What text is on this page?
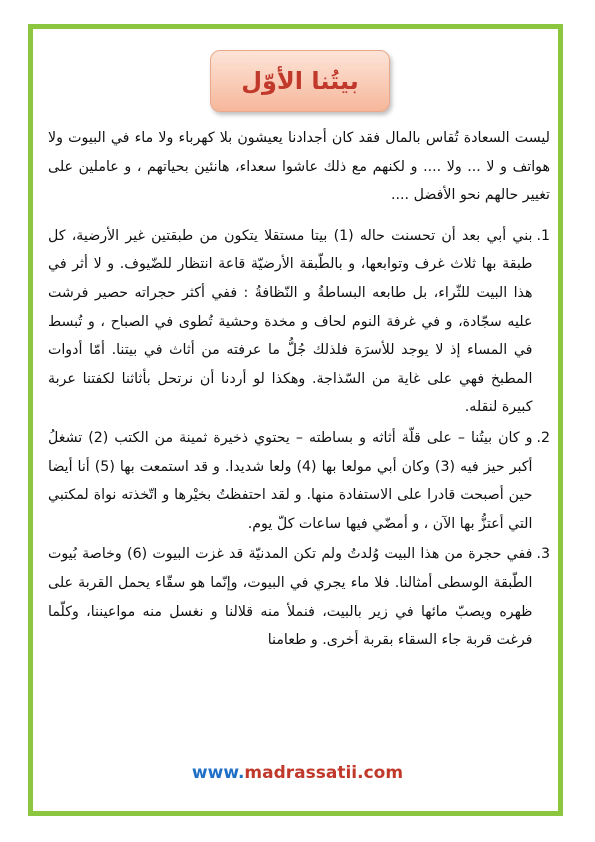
بيتُنا الأوّل

ليست السعادة تُقاس بالمال فقد كان أجدادنا يعيشون بلا كهرباء ولا ماء في البيوت ولا هواتف و لا ... ولا .... و لكنهم مع ذلك عاشوا سعداء، هانئين بحياتهم ، و عاملين على تغيير حالهم نحو الأفضل ....

1.
بني أبي بعد أن تحسنت حاله (1) بيتا مستقلا يتكون من طبقتين غير الأرضية، كل طبقة بها ثلاث غرف وتوابعها، و بالطّبقة الأرضيّة قاعة انتظار للضّيوف. و لا أثر في هذا البيت للثّراء، بل طابعه البساطةُ و النّظافةُ : ففي أكثر حجراته حصير فرشت عليه سجّادة، و في غرفة النوم لحاف و مخدة وحشية تُطوى في الصباح ، و تُبسط في المساء إذ لا يوجد للأسرَة فلذلك جُلُّ ما عرفته من أثاث في بيتنا. أمّا أدوات المطبخ فهي على غاية من السّذاجة. وهكذا لو أردنا أن نرتحل بأثاثنا لكفتنا عربة كبيرة لنقله.
2.
و كان بيتُنا – على قلّة أثاثه و بساطته – يحتوي ذخيرة ثمينة من الكتب (2) تشغلُ أكبر حيز فيه (3) وكان أبي مولعا بها (4) ولعا شديدا. و قد استمعت بها (5) أنا أيضا حين أصبحت قادرا على الاستفادة منها. و لقد احتفظتُ بخيْرها و اتّخذته نواة لمكتبي التي أعتزُّ بها الآن ، و أمضّي فيها ساعات كلّ يوم.
3.
ففي حجرة من هذا البيت وُلدتُ ولم تكن المدنيّة قد غزت البيوت (6) وخاصة بُيوت الطّبقة الوسطى أمثالنا. فلا ماء يجري في البيوت، وإنّما هو سقّاء يحمل القربة على ظهره ويصبّ مائها في زير بالبيت، فنملأ منه قلالنا و نغسل منه مواعيننا، وكلّما فرغت قربة جاء السقاء بقربة أخرى. و طعامنا
www.madrassatii.com
